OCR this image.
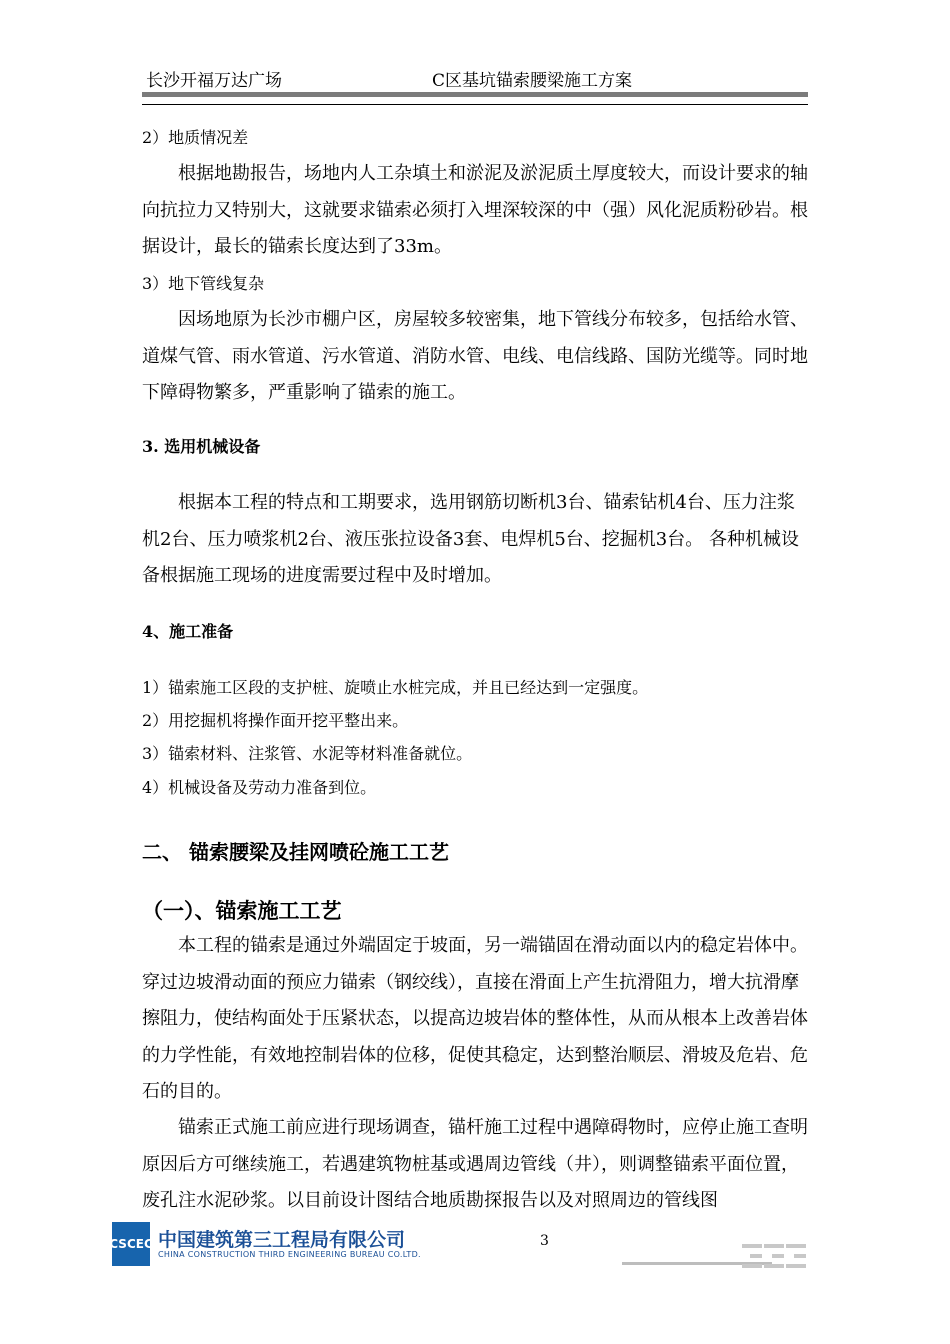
长沙开福万达广场	C区基坑锚索腰梁施工方案

2）地质情况差

根据地勘报告，场地内人工杂填土和淤泥及淤泥质土厚度较大，而设计要求的轴向抗拉力又特别大，这就要求锚索必须打入埋深较深的中（强）风化泥质粉砂岩。根据设计，最长的锚索长度达到了33m。

3）地下管线复杂

因场地原为长沙市棚户区，房屋较多较密集，地下管线分布较多，包括给水管、道煤气管、雨水管道、污水管道、消防水管、电线、电信线路、国防光缆等。同时地下障碍物繁多，严重影响了锚索的施工。

3. 选用机械设备

根据本工程的特点和工期要求，选用钢筋切断机3台、锚索钻机4台、压力注浆机2台、压力喷浆机2台、液压张拉设备3套、电焊机5台、挖掘机3台。 各种机械设备根据施工现场的进度需要过程中及时增加。

4、施工准备

1）锚索施工区段的支护桩、旋喷止水桩完成，并且已经达到一定强度。

2）用挖掘机将操作面开挖平整出来。

3）锚索材料、注浆管、水泥等材料准备就位。

4）机械设备及劳动力准备到位。

二、 锚索腰梁及挂网喷砼施工工艺

（一）、锚索施工工艺

本工程的锚索是通过外端固定于坡面，另一端锚固在滑动面以内的稳定岩体中。穿过边坡滑动面的预应力锚索（钢绞线），直接在滑面上产生抗滑阻力，增大抗滑摩擦阻力，使结构面处于压紧状态，以提高边坡岩体的整体性，从而从根本上改善岩体的力学性能，有效地控制岩体的位移，促使其稳定，达到整治顺层、滑坡及危岩、危石的目的。

锚索正式施工前应进行现场调查，锚杆施工过程中遇障碍物时，应停止施工查明原因后方可继续施工，若遇建筑物桩基或遇周边管线（井），则调整锚索平面位置，废孔注水泥砂浆。以目前设计图结合地质勘探报告以及对照周边的管线图

CSCEC 中国建筑第三工程局有限公司
CHINA CONSTRUCTION THIRD ENGINEERING BUREAU CO.LTD.
3
